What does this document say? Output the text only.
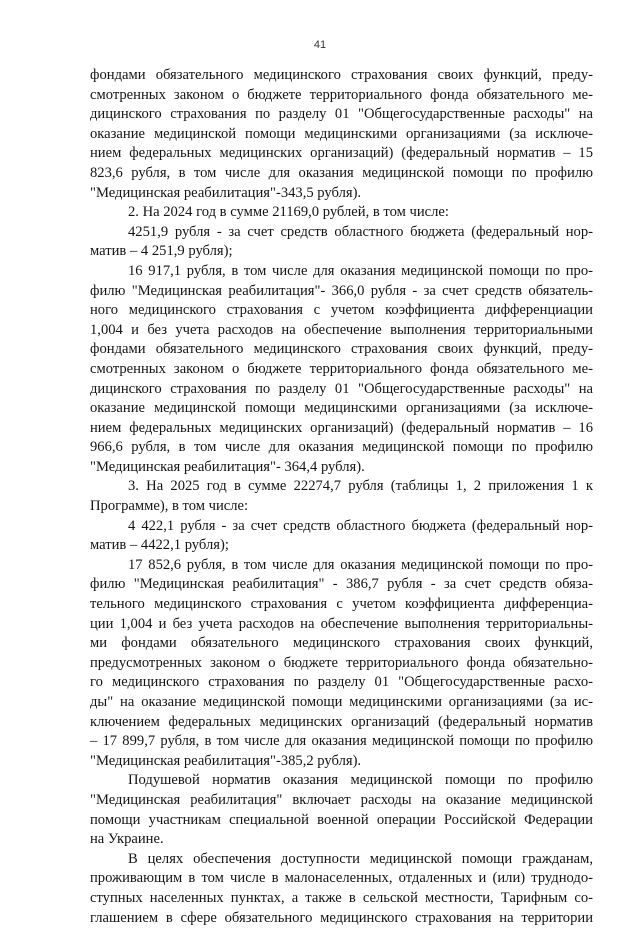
41
фондами обязательного медицинского страхования своих функций, преду-
смотренных законом о бюджете территориального фонда обязательного ме-
дицинского страхования по разделу 01 "Общегосударственные расходы" на
оказание медицинской помощи медицинскими организациями (за исключе-
нием федеральных медицинских организаций) (федеральный норматив – 15
823,6 рубля, в том числе для оказания медицинской помощи по профилю
"Медицинская реабилитация"-343,5 рубля).
2. На 2024 год в сумме 21169,0 рублей, в том числе:
4251,9 рубля - за счет средств областного бюджета (федеральный нор-
матив – 4 251,9 рубля);
16 917,1 рубля, в том числе для оказания медицинской помощи по про-
филю "Медицинская реабилитация"- 366,0 рубля - за счет средств обязатель-
ного медицинского страхования с учетом коэффициента дифференциации
1,004 и без учета расходов на обеспечение выполнения территориальными
фондами обязательного медицинского страхования своих функций, преду-
смотренных законом о бюджете территориального фонда обязательного ме-
дицинского страхования по разделу 01 "Общегосударственные расходы" на
оказание медицинской помощи медицинскими организациями (за исключе-
нием федеральных медицинских организаций) (федеральный норматив – 16
966,6 рубля, в том числе для оказания медицинской помощи по профилю
"Медицинская реабилитация"- 364,4 рубля).
3. На 2025 год в сумме 22274,7 рубля (таблицы 1, 2 приложения 1 к
Программе), в том числе:
4 422,1 рубля - за счет средств областного бюджета (федеральный нор-
матив – 4422,1 рубля);
17 852,6 рубля, в том числе для оказания медицинской помощи по про-
филю "Медицинская реабилитация" - 386,7 рубля - за счет средств обяза-
тельного медицинского страхования с учетом коэффициента дифференциа-
ции 1,004 и без учета расходов на обеспечение выполнения территориальны-
ми фондами обязательного медицинского страхования своих функций,
предусмотренных законом о бюджете территориального фонда обязательно-
го медицинского страхования по разделу 01 "Общегосударственные расхо-
ды" на оказание медицинской помощи медицинскими организациями (за ис-
ключением федеральных медицинских организаций (федеральный норматив
– 17 899,7 рубля, в том числе для оказания медицинской помощи по профилю
"Медицинская реабилитация"-385,2 рубля).
Подушевой норматив оказания медицинской помощи по профилю
"Медицинская реабилитация" включает расходы на оказание медицинской
помощи участникам специальной военной операции Российской Федерации
на Украине.
В целях обеспечения доступности медицинской помощи гражданам,
проживающим в том числе в малонаселенных, отдаленных и (или) труднодо-
ступных населенных пунктах, а также в сельской местности, Тарифным со-
глашением в сфере обязательного медицинского страхования на территории
